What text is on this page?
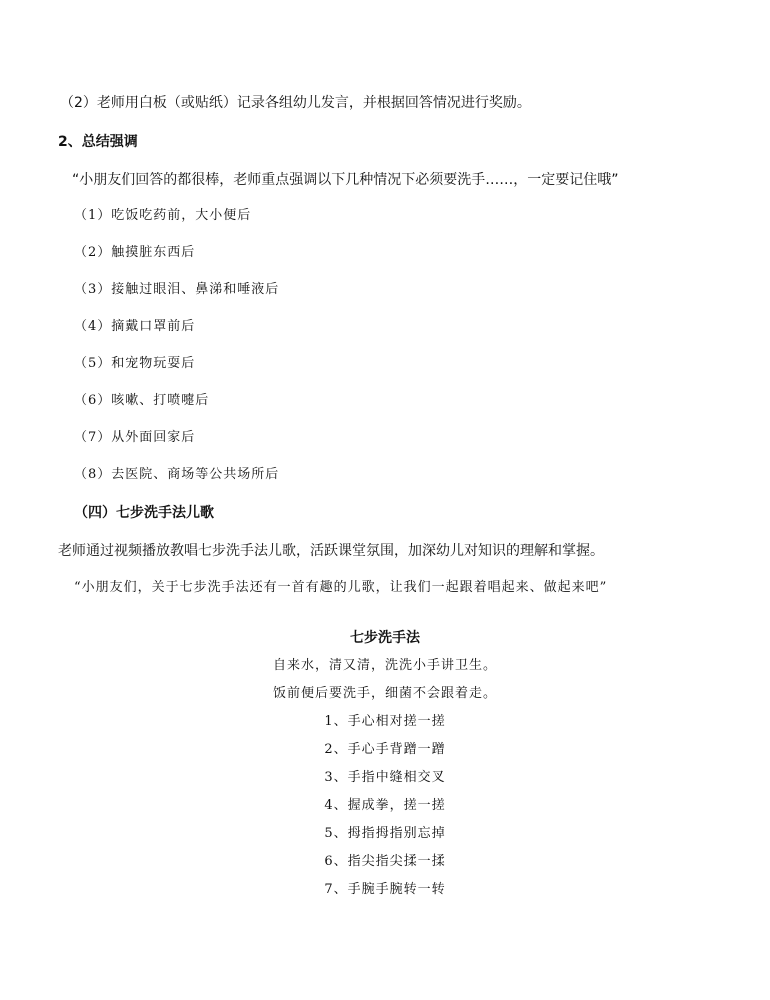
（2）老师用白板（或贴纸）记录各组幼儿发言，并根据回答情况进行奖励。
2、总结强调
“小朋友们回答的都很棒，老师重点强调以下几种情况下必须要洗手……，一定要记住哦”
（1）吃饭吃药前，大小便后
（2）触摸脏东西后
（3）接触过眼泪、鼻涕和唾液后
（4）摘戴口罩前后
（5）和宠物玩耍后
（6）咳嗽、打喷嚏后
（7）从外面回家后
（8）去医院、商场等公共场所后
（四）七步洗手法儿歌
老师通过视频播放教唱七步洗手法儿歌，活跃课堂氛围，加深幼儿对知识的理解和掌握。
“小朋友们，关于七步洗手法还有一首有趣的儿歌，让我们一起跟着唱起来、做起来吧”
七步洗手法
自来水，清又清，洗洗小手讲卫生。
饭前便后要洗手，细菌不会跟着走。
1、手心相对搓一搓
2、手心手背蹭一蹭
3、手指中缝相交叉
4、握成拳，搓一搓
5、拇指拇指别忘掉
6、指尖指尖揉一揉
7、手腕手腕转一转
